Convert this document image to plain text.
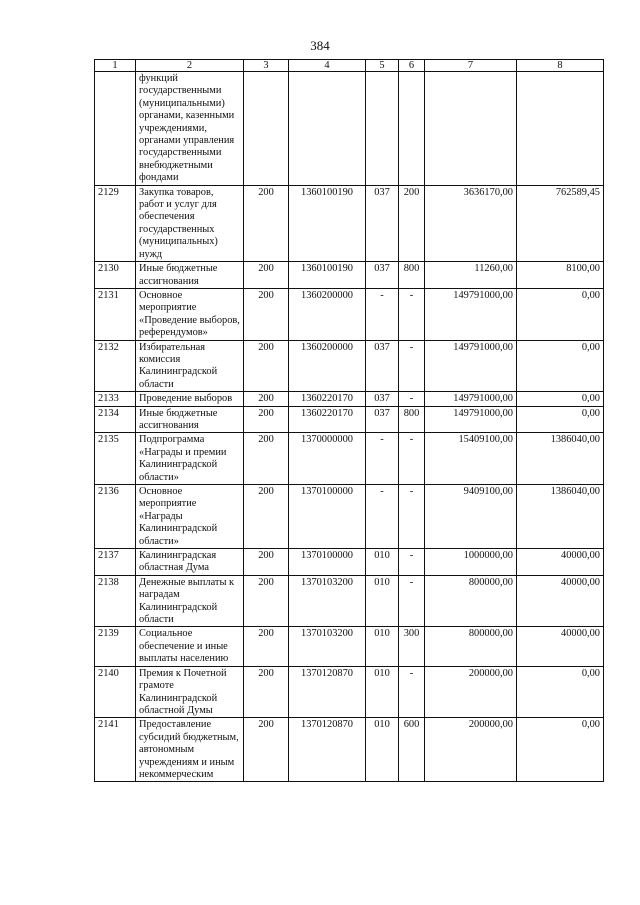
384
1	2	3	4	5	6	7	8
	функций государственными (муниципальными) органами, казенными учреждениями, органами управления государственными внебюджетными фондами						
2129	Закупка товаров, работ и услуг для обеспечения государственных (муниципальных) нужд	200	1360100190	037	200	3636170,00	762589,45
2130	Иные бюджетные ассигнования	200	1360100190	037	800	11260,00	8100,00
2131	Основное мероприятие «Проведение выборов, референдумов»	200	1360200000	-	-	149791000,00	0,00
2132	Избирательная комиссия Калининградской области	200	1360200000	037	-	149791000,00	0,00
2133	Проведение выборов	200	1360220170	037	-	149791000,00	0,00
2134	Иные бюджетные ассигнования	200	1360220170	037	800	149791000,00	0,00
2135	Подпрограмма «Награды и премии Калининградской области»	200	1370000000	-	-	15409100,00	1386040,00
2136	Основное мероприятие «Награды Калининградской области»	200	1370100000	-	-	9409100,00	1386040,00
2137	Калининградская областная Дума	200	1370100000	010	-	1000000,00	40000,00
2138	Денежные выплаты к наградам Калининградской области	200	1370103200	010	-	800000,00	40000,00
2139	Социальное обеспечение и иные выплаты населению	200	1370103200	010	300	800000,00	40000,00
2140	Премия к Почетной грамоте Калининградской областной Думы	200	1370120870	010	-	200000,00	0,00
2141	Предоставление субсидий бюджетным, автономным учреждениям и иным некоммерческим	200	1370120870	010	600	200000,00	0,00
